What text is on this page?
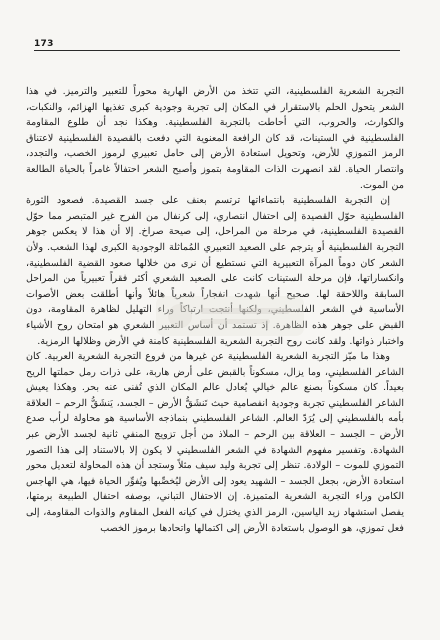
173

التجربة الشعرية الفلسطينية، التي تتخذ من الأرض الهارية محوراً للتعبير والترميز. في هذا الشعر يتحول الحلم بالاستقرار في المكان إلى تجربة وجودية كبرى تغذيها الهزائم، والنكبات، والكوارث، والحروب، التي أحاطت بالتجربة الفلسطينية. وهكذا نجد أن طلوع المقاومة الفلسطينية في الستينات، قد كان الرافعة المعنوية التي دفعت بالقصيدة الفلسطينية لاعتناق الرمز التموزي للأرض، وتحويل استعادة الأرض إلى حامل تعبيري لرموز الخصب، والتجدد، وانتصار الحياة. لقد انصهرت الذات المقاومة بتموز وأصبح الشعر احتفالاً غامراً بالحياة الطالعة من الموت.

إن التجربة الفلسطينية بانتماءاتها ترتسم بعنف على جسد القصيدة. فصعود الثورة الفلسطينية حوّل القصيدة إلى احتفال انتصاري، إلى كرنفال من الفرح غير المتبصر مما حوّل القصيدة الفلسطينية، في مرحلة من المراحل، إلى صيحة صراخ. إلا أن هذا لا يعكس جوهر التجربة الفلسطينية أو يترجم على الصعيد التعبيري المُماثلة الوجودية الكبرى لهذا الشعب. ولأن الشعر كان دوماً المرآة التعبيرية التي نستطيع أن نرى من خلالها صعود القضية الفلسطينية، وانكساراتها، فإن مرحلة الستينات كانت على الصعيد الشعري أكثر فقراً تعبيرياً من المراحل السابقة واللاحقة لها. صحيح أنها شهدت انفجاراً شعرياً هائلاً وأنها أطلقت بعض الأصوات الأساسية في الشعر الفلسطيني، ولكنها أنتجت ارتباكاً وراء التهليل لظاهرة المقاومة، دون القبض على جوهر هذه الظاهرة. إذ تستمد أن أساس التعبير الشعري هو امتحان روح الأشياء واختبار ذواتها. ولقد كانت روح التجربة الشعرية الفلسطينية كامنة في الأرض وظلالها الرمزية.

وهذا ما ميّز التجربة الشعرية الفلسطينية عن غيرها من فروع التجربة الشعرية العربية. كان الشاعر الفلسطيني، وما يزال، مسكوناً بالقبض على أرض هاربة، على ذرات رمل حملتها الريح بعيداً. كان مسكوناً بصنع عالم خيالي يُعادل عالم المكان الذي تُفنى عنه بحر. وهكذا يعيش الشاعر الفلسطيني تجربة وجودية انفصامية حيث تَنشَقُّ الأرض – الجسد، يَنشَقُّ الرحم – العلاقة بأمه بالفلسطيني إلى يُرَدّ العالم. الشاعر الفلسطيني بنماذجه الأساسية هو محاولة لرأب صدع الأرض – الجسد – العلاقة بين الرحم – الملاذ من أجل تزويج المنفي ثانية لجسد الأرض عبر الشهادة. وتفسير مفهوم الشهادة في الشعر الفلسطيني لا يكون إلا بالاستناد إلى هذا التصور التموزي للموت – الولادة. تنظر إلى تجربة وليد سيف مثلاً وستجد أن هذه المحاولة لتعديل محور استعادة الأرض، بجعل الجسد – الشهيد يعود إلى الأرض ليُخصِّبها ويُفوِّر الحياة فيها، هي الهاجس الكامن وراء التجربة الشعرية المتميزة. إن الاحتفال التباني، بوصفه احتفال الطبيعة برمتها، يفصل استشهاد زيد الياسين، الرمز الذي يختزل في كيانه الفعل المقاوم والذوات المقاومة، إلى فعل تموزي، هو الوصول باستعادة الأرض إلى اكتمالها واتحادها برموز الخصب
